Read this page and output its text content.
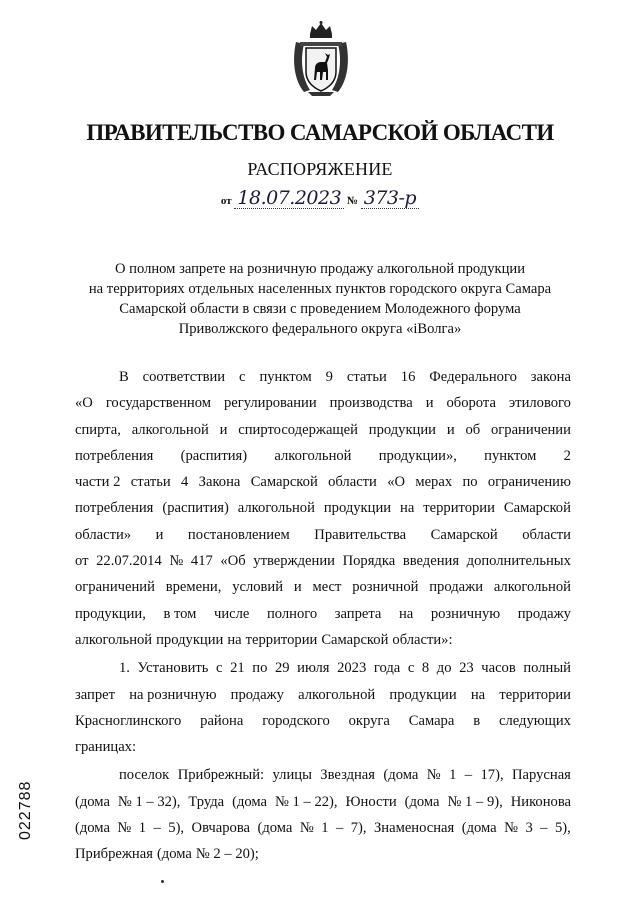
ПРАВИТЕЛЬСТВО САМАРСКОЙ ОБЛАСТИ
РАСПОРЯЖЕНИЕ
от 18.07.2023 № 373-р
О полном запрете на розничную продажу алкогольной продукции
на территориях отдельных населенных пунктов городского округа Самара
Самарской области в связи с проведением Молодежного форума
Приволжского федерального округа «iВолга»
В соответствии с пунктом 9 статьи 16 Федерального закона
«О государственном регулировании производства и оборота этилового
спирта, алкогольной и спиртосодержащей продукции и об ограничении
потребления (распития) алкогольной продукции», пунктом 2
части 2 статьи 4 Закона Самарской области «О мерах по ограничению
потребления (распития) алкогольной продукции на территории Самарской
области» и постановлением Правительства Самарской области
от 22.07.2014 № 417 «Об утверждении Порядка введения дополнительных
ограничений времени, условий и мест розничной продажи алкогольной
продукции, в том числе полного запрета на розничную продажу
алкогольной продукции на территории Самарской области»:
1. Установить с 21 по 29 июля 2023 года с 8 до 23 часов полный
запрет на розничную продажу алкогольной продукции на территории
Красноглинского района городского округа Самара в следующих
границах:
поселок Прибрежный: улицы Звездная (дома № 1 – 17), Парусная
(дома № 1 – 32), Труда (дома № 1 – 22), Юности (дома № 1 – 9), Никонова
(дома № 1 – 5), Овчарова (дома № 1 – 7), Знаменосная (дома № 3 – 5),
Прибрежная (дома № 2 – 20);
022788
